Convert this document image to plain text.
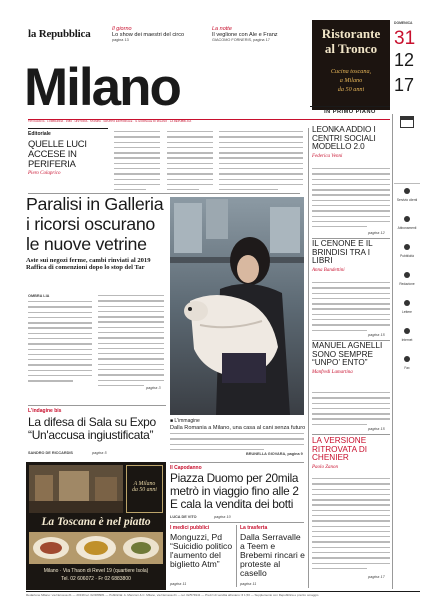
la Repubblica	Il giorno
Lo show dei maestri del circo
pagina 13
La notte
Il veglione con Ale e Franz
GIACOMO FORNERIS, pagina 17
Milano
TIPOGRAFIA · LOMBARDIA · 1983 · HISTORIA · STAMPA · GRUPPO EDITORIALE · IL GIORNALE DI MILANO · LA REPUBBLICA
Ristorante
al Tronco
Cucina toscana,
a Milano
da 50 anni
DOMENICA
31
12
17
Editoriale
QUELLE LUCI ACCESE IN PERIFERIA
Piero Colaprico
Paralisi in Galleria
i ricorsi oscurano
le nuove vetrine
Aste sui negozi ferme, cambi rinviati al 2019
Raffica di comenzioni dopo lo stop del Tar
OMBRA LIA
pagina 3
■ L'immagine
Dalla Romania a Milano, una casa al cani senza futuro
BRUNELLA GIOVARA, pagina 9
L'indagine bis
La difesa di Sala su Expo
“Un'accusa ingiustificata”
SANDRO DE RICCARDIS	pagina 5
A Milano
da 50 anni
La Toscana è nel piatto
Milano · Via Thaon di Revel 19 (quartiere Isola)
Tel. 02 606072 · Fr 02 6883800
Il Capodanno
Piazza Duomo per 20mila
metrò in viaggio fino alle 2
E cala la vendita dei botti
LUCA DE VITO	pagina 10
I medici pubblici
Monguzzi, Pd “Suicidio politico l'aumento del biglietto Atm”
pagina 11
La trasferta
Dalla Serravalle a Teem e Brebemi rincari e proteste al casello
pagina 11
IN PRIMO PIANO
LEONKA ADDIO I CENTRI SOCIALI MODELLO 2.0
Federica Venni
pagina 12
IL CENONE E IL BRINDISI TRA I LIBRI
Anna Bandettini
pagina 15
MANUEL AGNELLI SONO SEMPRE “UNPO’ ENTO”
Manfredi Lamartina
pagina 15
LA VERSIONE RITROVATA DI CHENIER
Paolo Zanon
pagina 17
Servizio clienti
Abbonamenti
Pubblicità
Redazione
Lettere
Internet
Fax
Redazione Milano: via Nervesa 21 — 20139 tel. 02/480981 — Pubblicità: A. Manzoni & C. Milano, via Nervesa 21 — tel. 02/574941 — Prezzi di vendita all'estero: € 1,50 — Supplemento con Repubblica e prezzo omaggio
